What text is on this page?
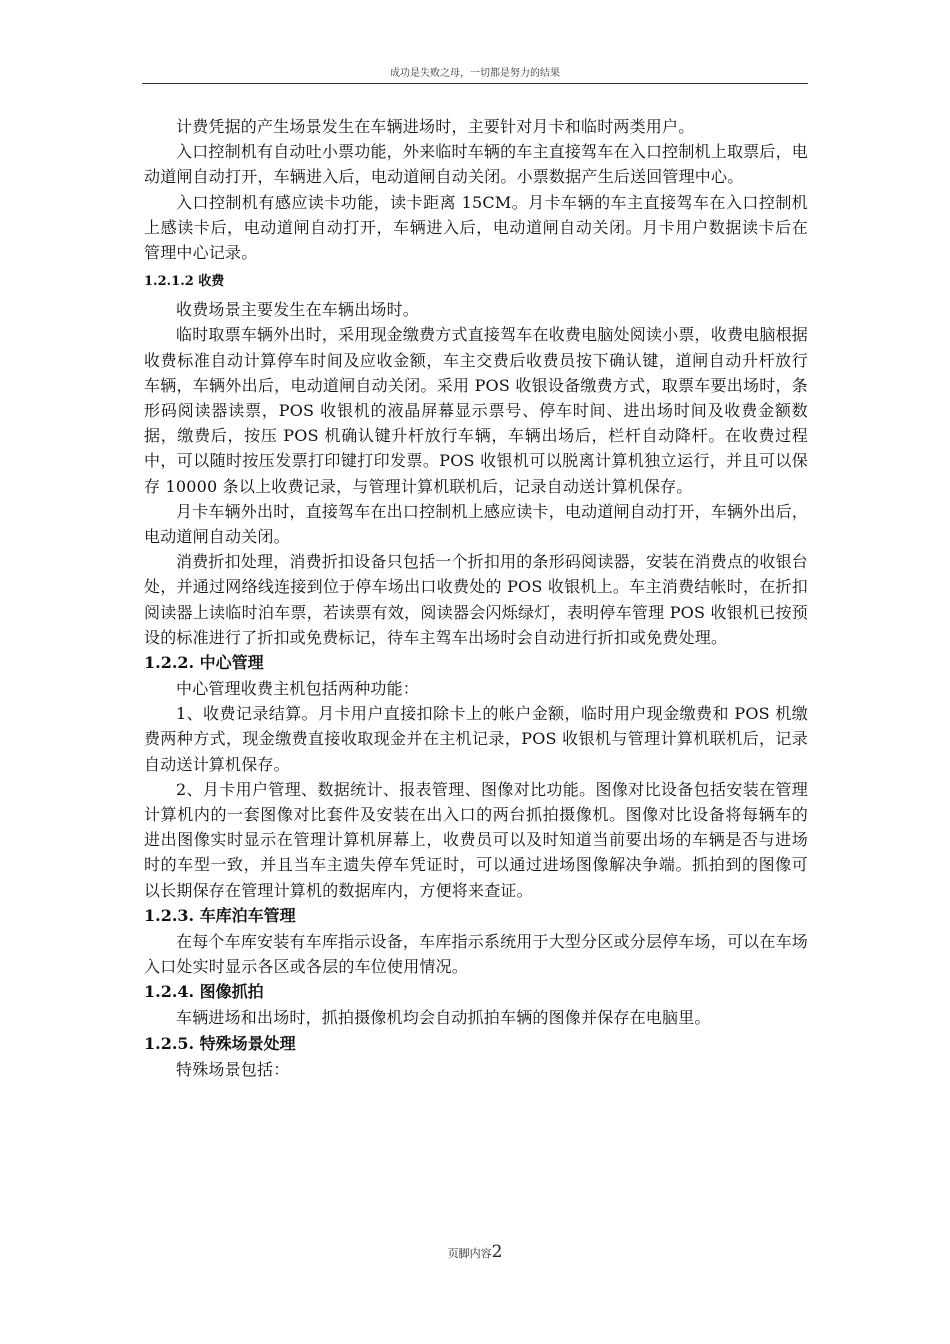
成功是失败之母，一切都是努力的结果

计费凭据的产生场景发生在车辆进场时，主要针对月卡和临时两类用户。

入口控制机有自动吐小票功能，外来临时车辆的车主直接驾车在入口控制机上取票后，电动道闸自动打开，车辆进入后，电动道闸自动关闭。小票数据产生后送回管理中心。

入口控制机有感应读卡功能，读卡距离 15CM。月卡车辆的车主直接驾车在入口控制机上感读卡后，电动道闸自动打开，车辆进入后，电动道闸自动关闭。月卡用户数据读卡后在管理中心记录。

1.2.1.2 收费

收费场景主要发生在车辆出场时。

临时取票车辆外出时，采用现金缴费方式直接驾车在收费电脑处阅读小票，收费电脑根据收费标准自动计算停车时间及应收金额，车主交费后收费员按下确认键，道闸自动升杆放行车辆，车辆外出后，电动道闸自动关闭。采用 POS 收银设备缴费方式，取票车要出场时，条形码阅读器读票，POS 收银机的液晶屏幕显示票号、停车时间、进出场时间及收费金额数据，缴费后，按压 POS 机确认键升杆放行车辆，车辆出场后，栏杆自动降杆。在收费过程中，可以随时按压发票打印键打印发票。POS 收银机可以脱离计算机独立运行，并且可以保存 10000 条以上收费记录，与管理计算机联机后，记录自动送计算机保存。

月卡车辆外出时，直接驾车在出口控制机上感应读卡，电动道闸自动打开，车辆外出后，电动道闸自动关闭。

消费折扣处理，消费折扣设备只包括一个折扣用的条形码阅读器，安装在消费点的收银台处，并通过网络线连接到位于停车场出口收费处的 POS 收银机上。车主消费结帐时，在折扣阅读器上读临时泊车票，若读票有效，阅读器会闪烁绿灯，表明停车管理 POS 收银机已按预设的标准进行了折扣或免费标记，待车主驾车出场时会自动进行折扣或免费处理。

1.2.2. 中心管理

中心管理收费主机包括两种功能：

1、收费记录结算。月卡用户直接扣除卡上的帐户金额，临时用户现金缴费和 POS 机缴费两种方式，现金缴费直接收取现金并在主机记录，POS 收银机与管理计算机联机后，记录自动送计算机保存。

2、月卡用户管理、数据统计、报表管理、图像对比功能。图像对比设备包括安装在管理计算机内的一套图像对比套件及安装在出入口的两台抓拍摄像机。图像对比设备将每辆车的进出图像实时显示在管理计算机屏幕上，收费员可以及时知道当前要出场的车辆是否与进场时的车型一致，并且当车主遗失停车凭证时，可以通过进场图像解决争端。抓拍到的图像可以长期保存在管理计算机的数据库内，方便将来查证。

1.2.3. 车库泊车管理

在每个车库安装有车库指示设备，车库指示系统用于大型分区或分层停车场，可以在车场入口处实时显示各区或各层的车位使用情况。

1.2.4. 图像抓拍

车辆进场和出场时，抓拍摄像机均会自动抓拍车辆的图像并保存在电脑里。

1.2.5. 特殊场景处理

特殊场景包括：

页脚内容2
